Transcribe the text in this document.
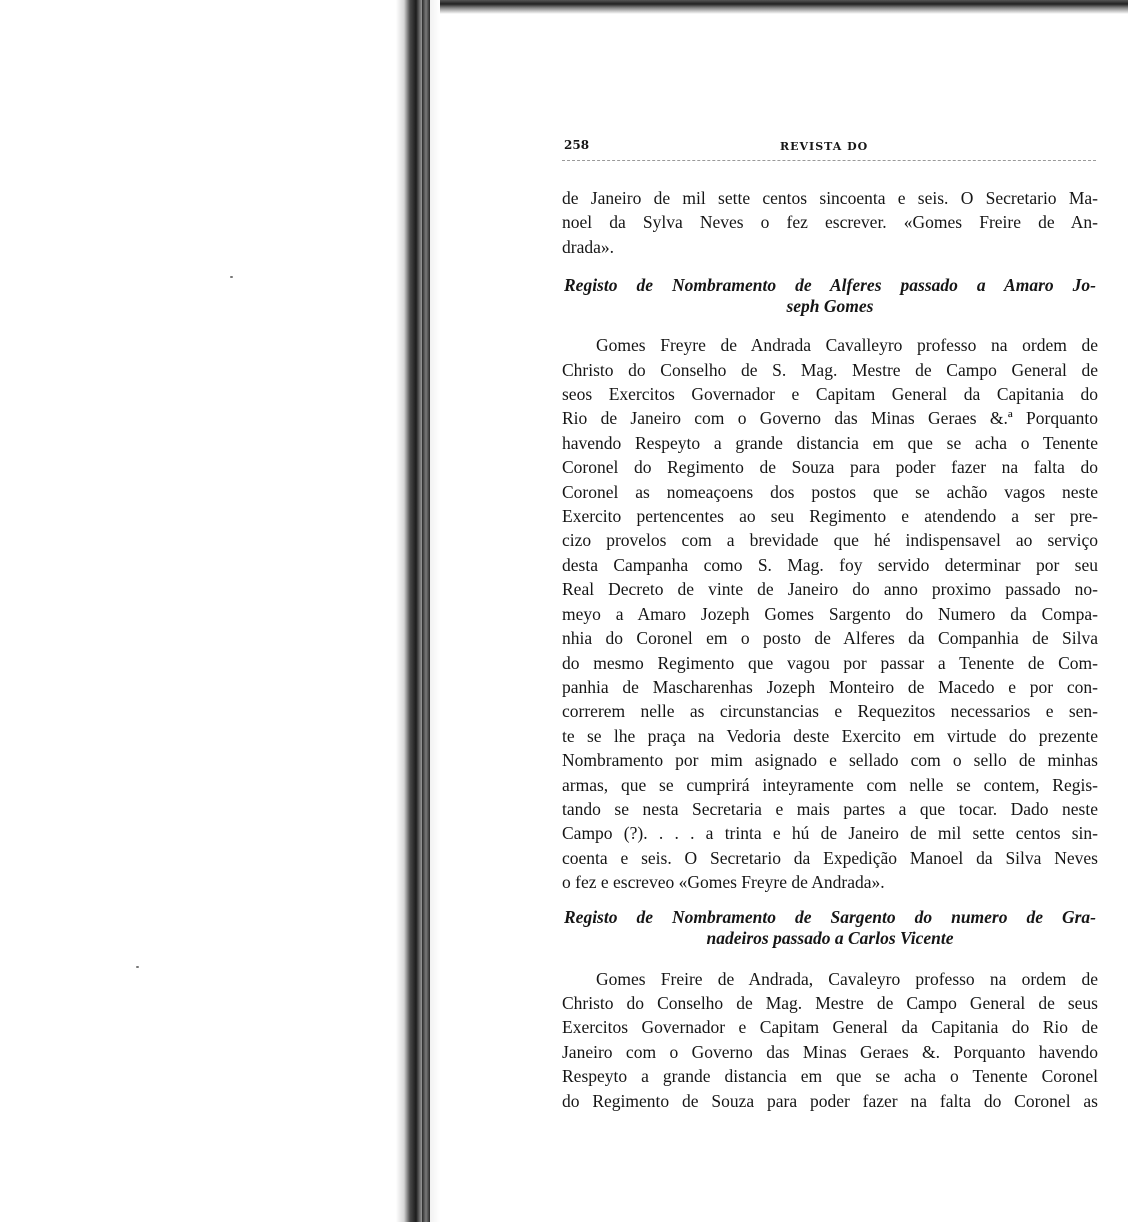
258	REVISTA DO

de Janeiro de mil sette centos sincoenta e seis. O Secretario Ma-
noel da Sylva Neves o fez escrever. «Gomes Freire de An-
drada».

Registo de Nombramento de Alferes passado a Amaro Jo-
seph Gomes

Gomes Freyre de Andrada Cavalleyro professo na ordem de
Christo do Conselho de S. Mag. Mestre de Campo General de
seos Exercitos Governador e Capitam General da Capitania do
Rio de Janeiro com o Governo das Minas Geraes &.ª Porquanto
havendo Respeyto a grande distancia em que se acha o Tenente
Coronel do Regimento de Souza para poder fazer na falta do
Coronel as nomeaçoens dos postos que se achão vagos neste
Exercito pertencentes ao seu Regimento e atendendo a ser pre-
cizo provelos com a brevidade que hé indispensavel ao serviço
desta Campanha como S. Mag. foy servido determinar por seu
Real Decreto de vinte de Janeiro do anno proximo passado no-
meyo a Amaro Jozeph Gomes Sargento do Numero da Compa-
nhia do Coronel em o posto de Alferes da Companhia de Silva
do mesmo Regimento que vagou por passar a Tenente de Com-
panhia de Mascharenhas Jozeph Monteiro de Macedo e por con-
correrem nelle as circunstancias e Requezitos necessarios e sen-
te se lhe praça na Vedoria deste Exercito em virtude do prezente
Nombramento por mim asignado e sellado com o sello de minhas
armas, que se cumprirá inteyramente com nelle se contem, Regis-
tando se nesta Secretaria e mais partes a que tocar. Dado neste
Campo (?). . . . a trinta e hú de Janeiro de mil sette centos sin-
coenta e seis. O Secretario da Expedição Manoel da Silva Neves
o fez e escreveo «Gomes Freyre de Andrada».

Registo de Nombramento de Sargento do numero de Gra-
nadeiros passado a Carlos Vicente

Gomes Freire de Andrada, Cavaleyro professo na ordem de
Christo do Conselho de Mag. Mestre de Campo General de seus
Exercitos Governador e Capitam General da Capitania do Rio de
Janeiro com o Governo das Minas Geraes &. Porquanto havendo
Respeyto a grande distancia em que se acha o Tenente Coronel
do Regimento de Souza para poder fazer na falta do Coronel as
